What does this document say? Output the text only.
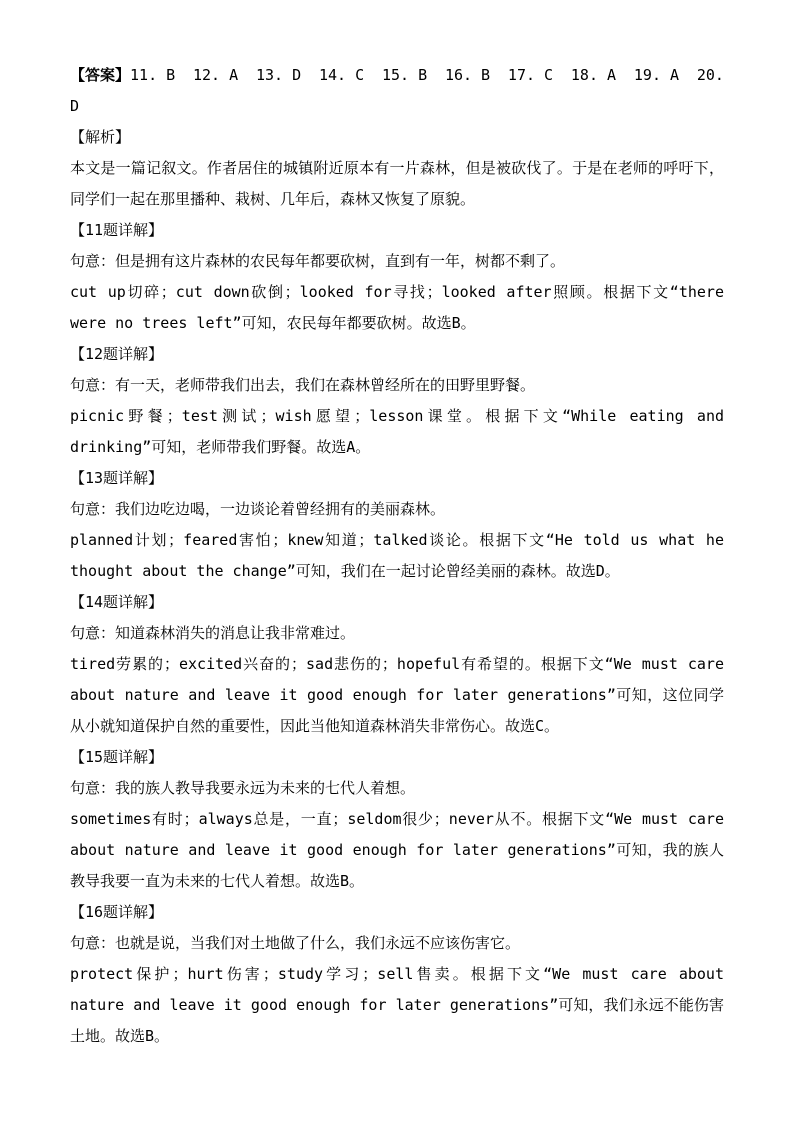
【答案】11. B 12. A 13. D 14. C 15. B 16. B 17. C 18. A 19. A 20.
D
【解析】
本文是一篇记叙文。作者居住的城镇附近原本有一片森林，但是被砍伐了。于是在老师的呼吁下，同学们一起在那里播种、栽树、几年后，森林又恢复了原貌。
【11题详解】
句意：但是拥有这片森林的农民每年都要砍树，直到有一年，树都不剩了。
cut up切碎；cut down砍倒；looked for寻找；looked after照顾。根据下文“there were no trees left”可知，农民每年都要砍树。故选B。
【12题详解】
句意：有一天，老师带我们出去，我们在森林曾经所在的田野里野餐。
picnic野餐；test测试；wish愿望；lesson课堂。根据下文“While eating and drinking”可知，老师带我们野餐。故选A。
【13题详解】
句意：我们边吃边喝，一边谈论着曾经拥有的美丽森林。
planned计划；feared害怕；knew知道；talked谈论。根据下文“He told us what he thought about the change”可知，我们在一起讨论曾经美丽的森林。故选D。
【14题详解】
句意：知道森林消失的消息让我非常难过。
tired劳累的；excited兴奋的；sad悲伤的；hopeful有希望的。根据下文“We must care about nature and leave it good enough for later generations”可知，这位同学从小就知道保护自然的重要性，因此当他知道森林消失非常伤心。故选C。
【15题详解】
句意：我的族人教导我要永远为未来的七代人着想。
sometimes有时；always总是，一直；seldom很少；never从不。根据下文“We must care about nature and leave it good enough for later generations”可知，我的族人教导我要一直为未来的七代人着想。故选B。
【16题详解】
句意：也就是说，当我们对土地做了什么，我们永远不应该伤害它。
protect保护；hurt伤害；study学习；sell售卖。根据下文“We must care about nature and leave it good enough for later generations”可知，我们永远不能伤害土地。故选B。
